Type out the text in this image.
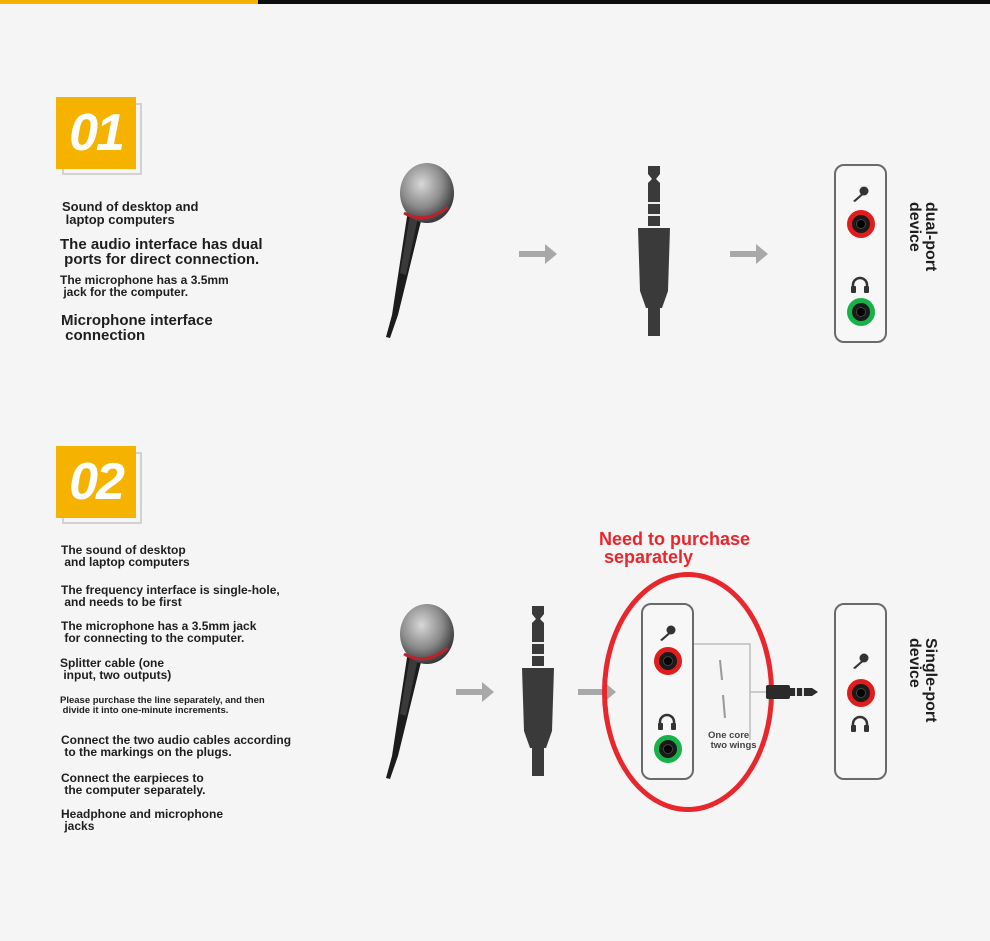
01
Sound of desktop and
laptop computers
The audio interface has dual
ports for direct connection.
The microphone has a 3.5mm
jack for the computer.
Microphone interface
connection
dual-port
device
02
The sound of desktop
and laptop computers
The frequency interface is single-hole,
and needs to be first
The microphone has a 3.5mm jack
for connecting to the computer.
Splitter cable (one
input, two outputs)
Please purchase the line separately, and then
divide it into one-minute increments.
Connect the two audio cables according
to the markings on the plugs.
Connect the earpieces to
the computer separately.
Headphone and microphone
jacks
Need to purchase
separately
One core
two wings
Single-port
device
